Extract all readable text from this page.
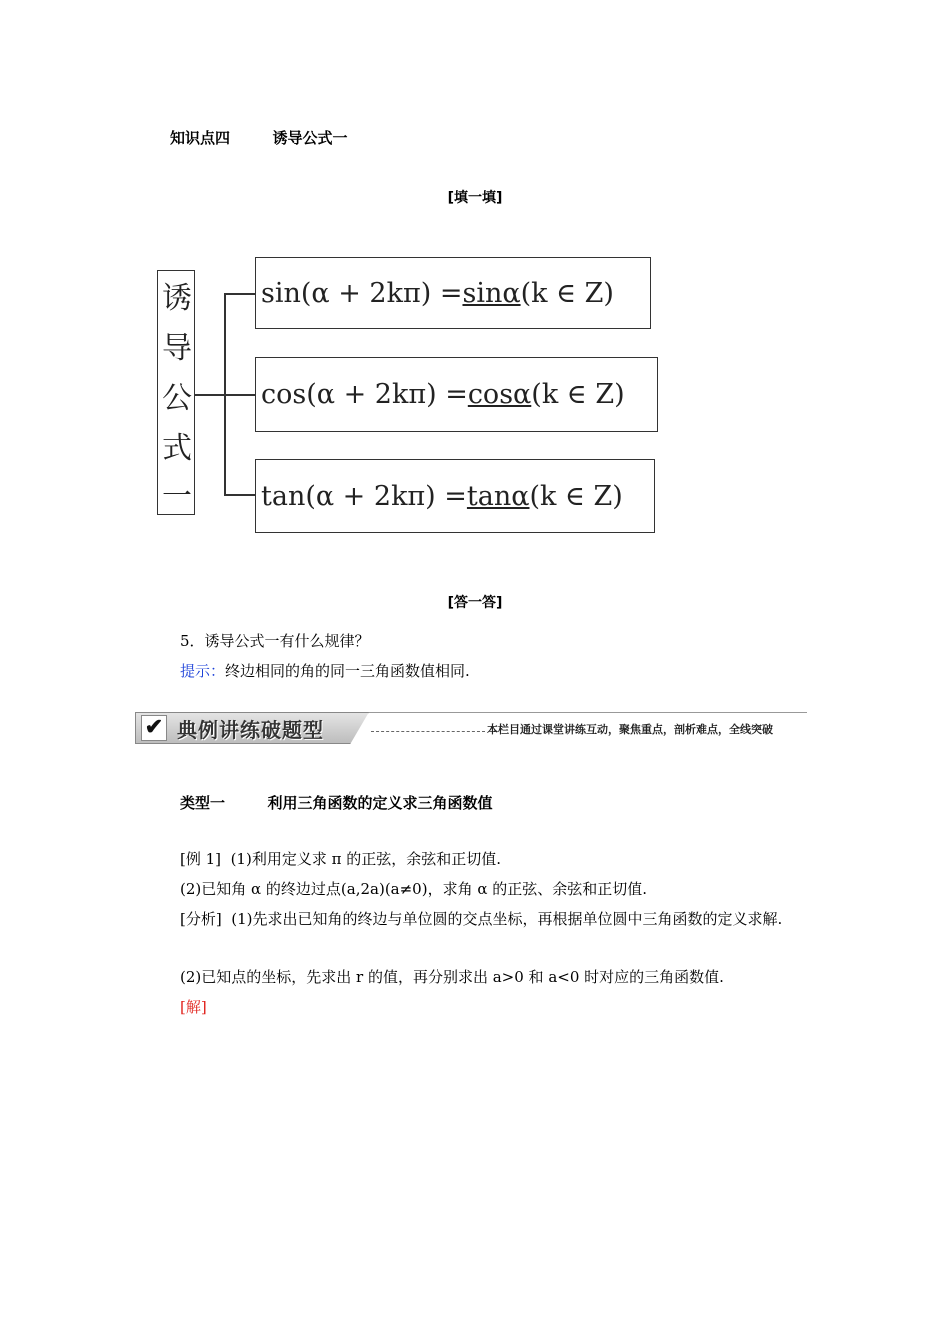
知识点四	诱导公式一
[填一填]
诱
导
公
式
一
sin(α + 2kπ) = sinα (k ∈ Z)
cos(α + 2kπ) = cosα (k ∈ Z)
tan(α + 2kπ) = tanα (k ∈ Z)
[答一答]
5．诱导公式一有什么规律？
提示：终边相同的角的同一三角函数值相同.
✔ 典例讲练破题型	本栏目通过课堂讲练互动，聚焦重点，剖析难点，全线突破
类型一	利用三角函数的定义求三角函数值
[例 1] (1)利用定义求 π 的正弦，余弦和正切值.
(2)已知角 α 的终边过点(a,2a)(a≠0)，求角 α 的正弦、余弦和正切值.
[分析] (1)先求出已知角的终边与单位圆的交点坐标，再根据单位圆中三角函数的定义求解.
(2)已知点的坐标，先求出 r 的值，再分别求出 a>0 和 a<0 时对应的三角函数值.
[解]
